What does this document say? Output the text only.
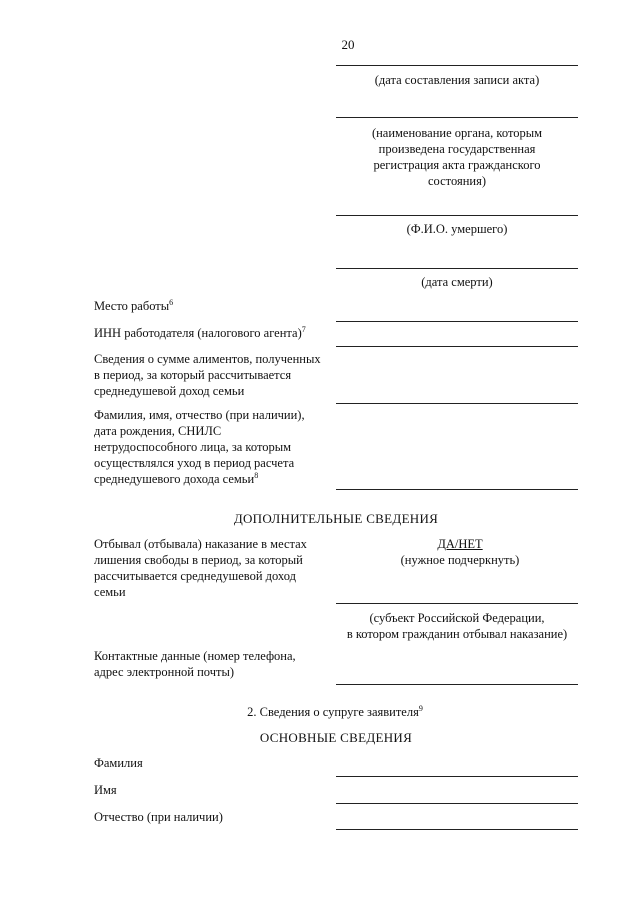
20
(дата составления записи акта)
(наименование органа, которым
произведена государственная
регистрация акта гражданского
состояния)
(Ф.И.О. умершего)
(дата смерти)
Место работы$^6$
ИНН работодателя (налогового агента)$^7$
Сведения о сумме алиментов, полученных
в период, за который рассчитывается
среднедушевой доход семьи
Фамилия, имя, отчество (при наличии),
дата рождения, СНИЛС
нетрудоспособного лица, за которым
осуществлялся уход в период расчета
среднедушевого дохода семьи$^8$
ДОПОЛНИТЕЛЬНЫЕ СВЕДЕНИЯ
Отбывал (отбывала) наказание в местах
лишения свободы в период, за который
рассчитывается среднедушевой доход
семьи
ДА/НЕТ
(нужное подчеркнуть)
(субъект Российской Федерации,
в котором гражданин отбывал наказание)
Контактные данные (номер телефона,
адрес электронной почты)
2. Сведения о супруге заявителя$^9$
ОСНОВНЫЕ СВЕДЕНИЯ
Фамилия
Имя
Отчество (при наличии)
